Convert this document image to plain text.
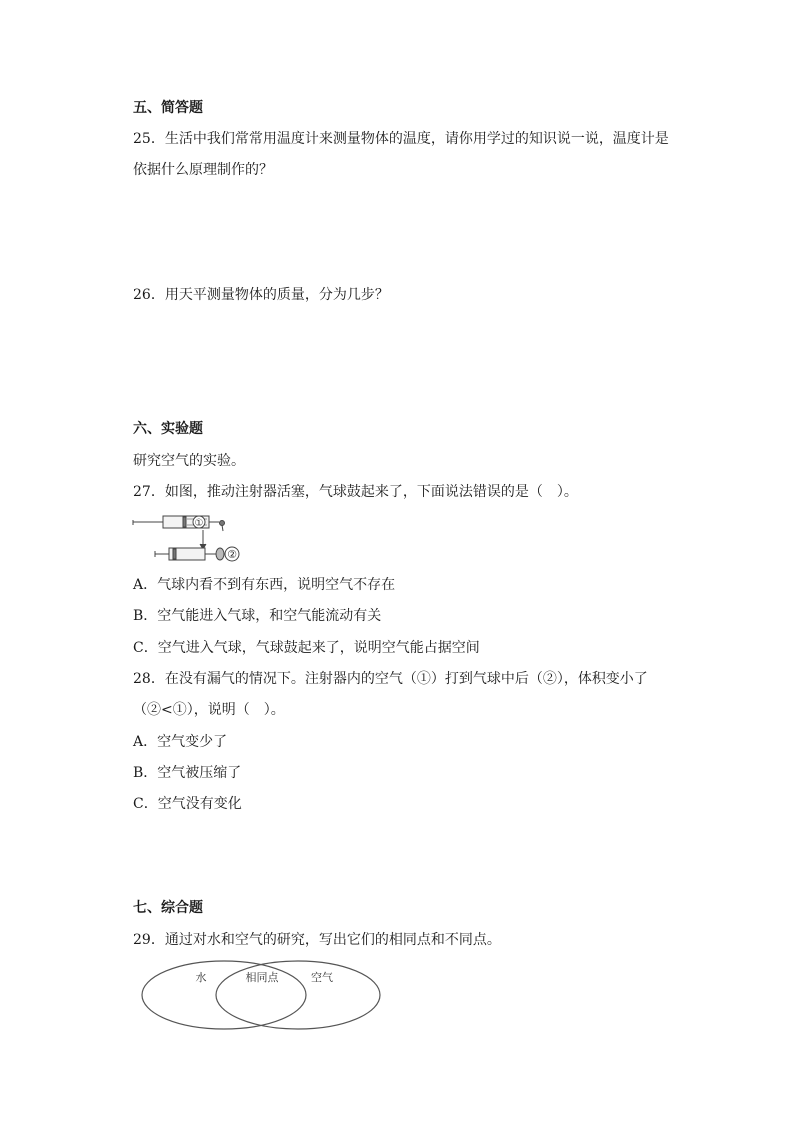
五、简答题
25．生活中我们常常用温度计来测量物体的温度，请你用学过的知识说一说，温度计是
依据什么原理制作的？
26．用天平测量物体的质量，分为几步？
六、实验题
研究空气的实验。
27．如图，推动注射器活塞，气球鼓起来了，下面说法错误的是（　）。
①
②
A．气球内看不到有东西，说明空气不存在
B．空气能进入气球，和空气能流动有关
C．空气进入气球，气球鼓起来了，说明空气能占据空间
28．在没有漏气的情况下。注射器内的空气（①）打到气球中后（②），体积变小了
（②<①），说明（　）。
A．空气变少了
B．空气被压缩了
C．空气没有变化
七、综合题
29．通过对水和空气的研究，写出它们的相同点和不同点。
水	相同点	空气
